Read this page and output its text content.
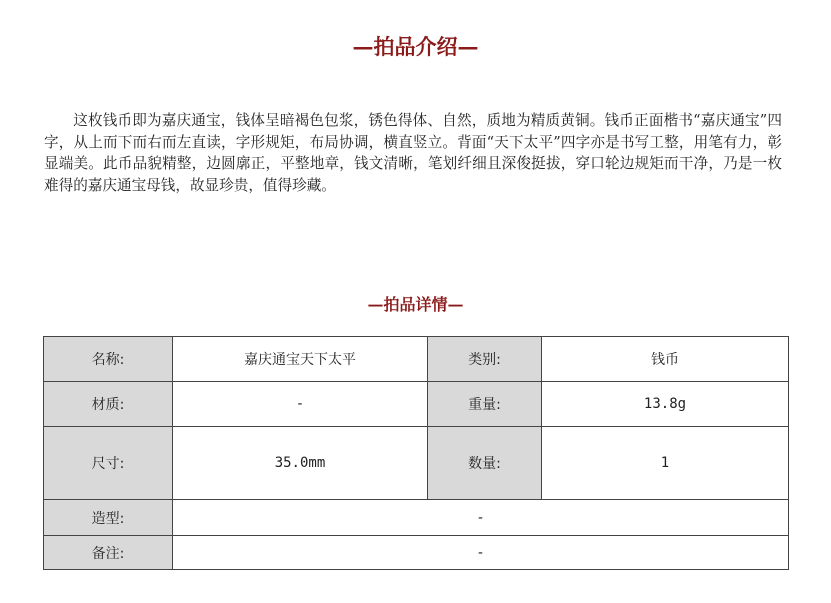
—拍品介绍—

这枚钱币即为嘉庆通宝，钱体呈暗褐色包浆，锈色得体、自然，质地为精质黄铜。钱币正面楷书“嘉庆通宝”四字，从上而下而右而左直读，字形规矩，布局协调，横直竖立。背面“天下太平”四字亦是书写工整，用笔有力，彰显端美。此币品貌精整，边圆廓正，平整地章，钱文清晰，笔划纤细且深俊挺拔，穿口轮边规矩而干净，乃是一枚难得的嘉庆通宝母钱，故显珍贵，值得珍藏。

—拍品详情—
名称:	嘉庆通宝天下太平	类别:	钱币
材质:	-	重量:	13.8g
尺寸:	35.0mm	数量:	1
造型:	-		
备注:	-		
